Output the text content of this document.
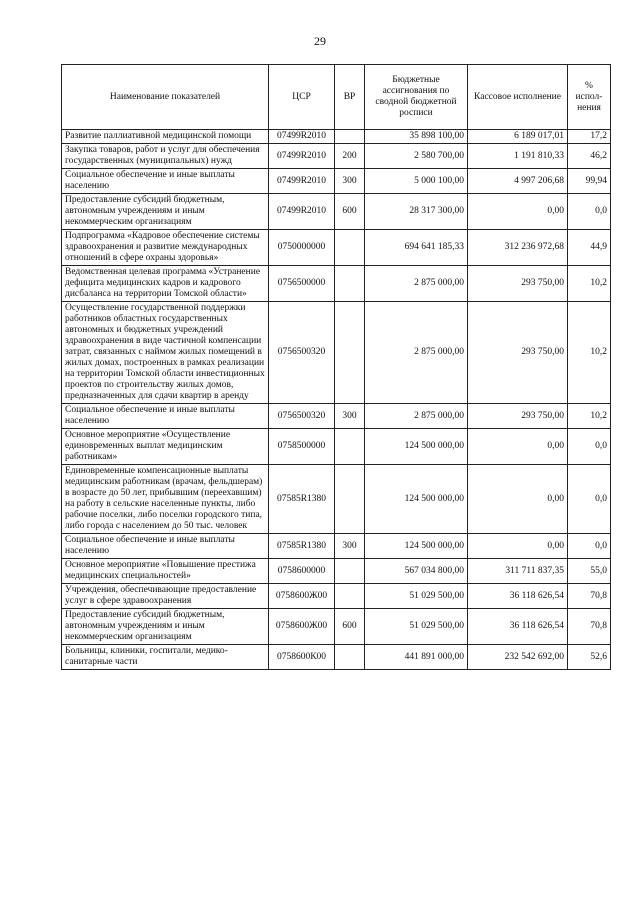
29
Наименование показателей	ЦСР	ВР	Бюджетные ассигнования по сводной бюджетной росписи	Кассовое исполнение	% испол-нения
Развитие паллиативной медицинской помощи	07499R2010		35 898 100,00	6 189 017,01	17,2
Закупка товаров, работ и услуг для обеспечения государственных (муниципальных) нужд	07499R2010	200	2 580 700,00	1 191 810,33	46,2
Социальное обеспечение и иные выплаты населению	07499R2010	300	5 000 100,00	4 997 206,68	99,94
Предоставление субсидий бюджетным, автономным учреждениям и иным некоммерческим организациям	07499R2010	600	28 317 300,00	0,00	0,0
Подпрограмма «Кадровое обеспечение системы здравоохранения и развитие международных отношений в сфере охраны здоровья»	0750000000		694 641 185,33	312 236 972,68	44,9
Ведомственная целевая программа «Устранение дефицита медицинских кадров и кадрового дисбаланса на территории Томской области»	0756500000		2 875 000,00	293 750,00	10,2
Осуществление государственной поддержки работников областных государственных автономных и бюджетных учреждений здравоохранения в виде частичной компенсации затрат, связанных с наймом жилых помещений в жилых домах, построенных в рамках реализации на территории Томской области инвестиционных проектов по строительству жилых домов, предназначенных для сдачи квартир в аренду	0756500320		2 875 000,00	293 750,00	10,2
Социальное обеспечение и иные выплаты населению	0756500320	300	2 875 000,00	293 750,00	10,2
Основное мероприятие «Осуществление единовременных выплат медицинским работникам»	0758500000		124 500 000,00	0,00	0,0
Единовременные компенсационные выплаты медицинским работникам (врачам, фельдшерам) в возрасте до 50 лет, прибывшим (переехавшим) на работу в сельские населенные пункты, либо рабочие поселки, либо поселки городского типа, либо города с населением до 50 тыс. человек	07585R1380		124 500 000,00	0,00	0,0
Социальное обеспечение и иные выплаты населению	07585R1380	300	124 500 000,00	0,00	0,0
Основное мероприятие «Повышение престижа медицинских специальностей»	0758600000		567 034 800,00	311 711 837,35	55,0
Учреждения, обеспечивающие предоставление услуг в сфере здравоохранения	0758600Ж00		51 029 500,00	36 118 626,54	70,8
Предоставление субсидий бюджетным, автономным учреждениям и иным некоммерческим организациям	0758600Ж00	600	51 029 500,00	36 118 626,54	70,8
Больницы, клиники, госпитали, медико-санитарные части	0758600К00		441 891 000,00	232 542 692,00	52,6
